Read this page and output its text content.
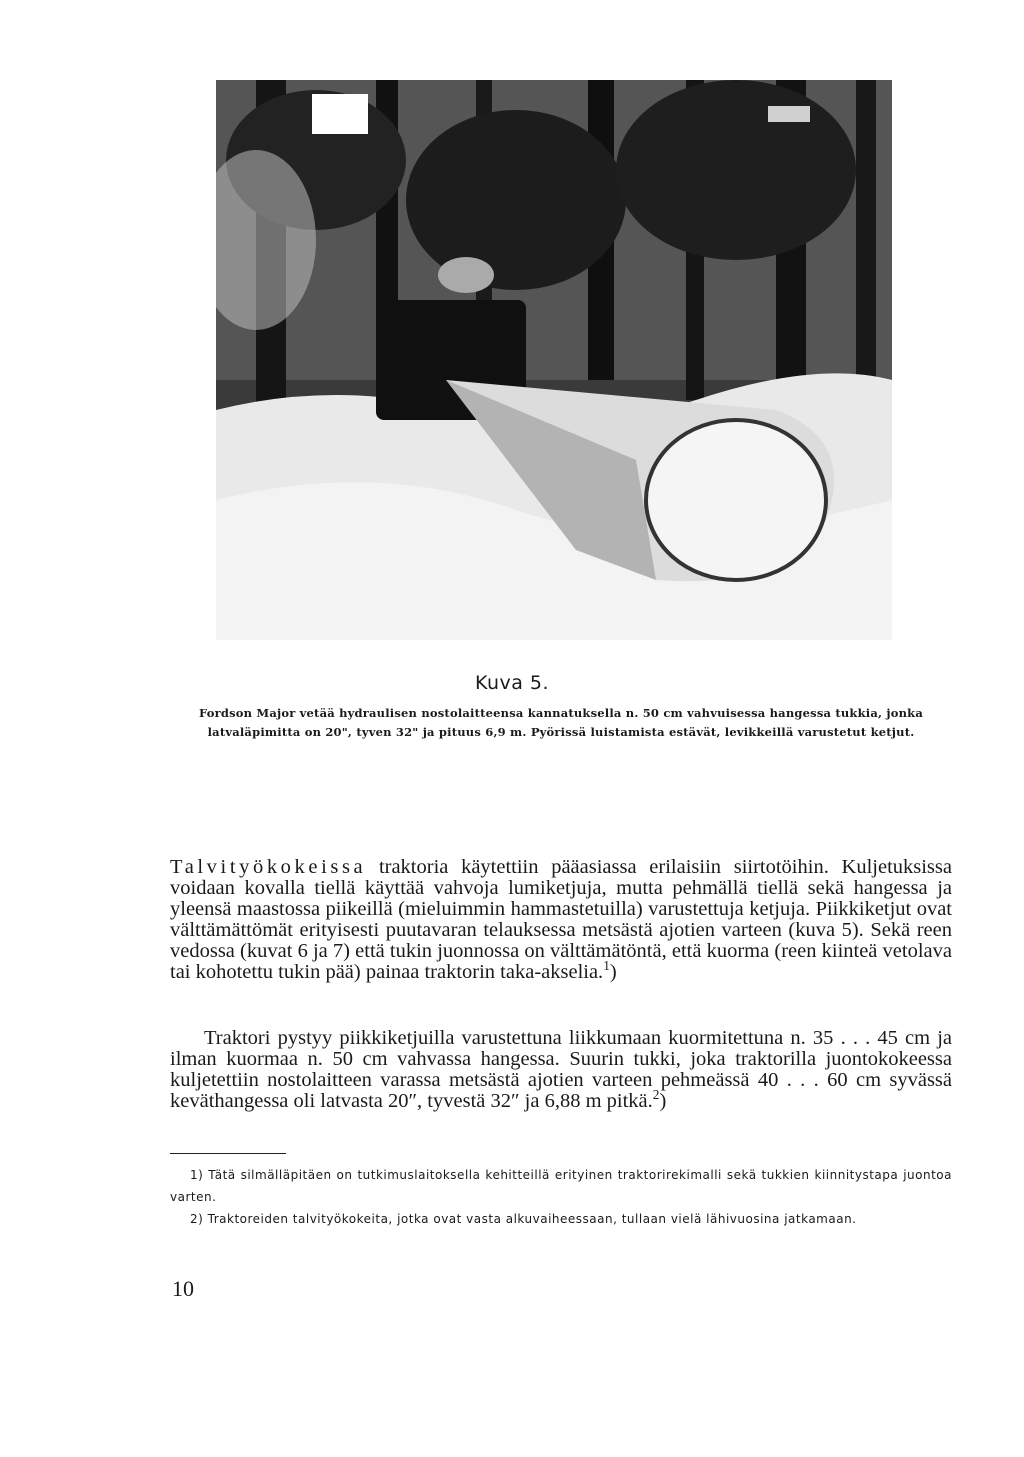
Kuva 5.
Fordson Major vetää hydraulisen nostolaitteensa kannatuksella n. 50 cm vahvuisessa hangessa tukkia, jonka latvaläpimitta on 20", tyven 32" ja pituus 6,9 m. Pyörissä luistamista estävät, levikkeillä varustetut ketjut.
Talvityökokeissa traktoria käytettiin pääasiassa erilaisiin siirtotöihin. Kuljetuksissa voidaan kovalla tiellä käyttää vahvoja lumiketjuja, mutta pehmällä tiellä sekä hangessa ja yleensä maastossa piikeillä (mieluimmin hammastetuilla) varustettuja ketjuja. Piikkiketjut ovat välttämättömät erityisesti puutavaran telauksessa metsästä ajotien varteen (kuva 5). Sekä reen vedossa (kuvat 6 ja 7) että tukin juonnossa on välttämätöntä, että kuorma (reen kiinteä vetolava tai kohotettu tukin pää) painaa traktorin taka-akselia.$^1$)
Traktori pystyy piikkiketjuilla varustettuna liikkumaan kuormitettuna n. 35 . . . 45 cm ja ilman kuormaa n. 50 cm vahvassa hangessa. Suurin tukki, joka traktorilla juontokokeessa kuljetettiin nostolaitteen varassa metsästä ajotien varteen pehmeässä 40 . . . 60 cm syvässä keväthangessa oli latvasta 20″, tyvestä 32″ ja 6,88 m pitkä.$^2$)
1) Tätä silmälläpitäen on tutkimuslaitoksella kehitteillä erityinen traktorirekimalli sekä tukkien kiinnitystapa juontoa varten.
2) Traktoreiden talvityökokeita, jotka ovat vasta alkuvaiheessaan, tullaan vielä lähivuosina jatkamaan.
10
